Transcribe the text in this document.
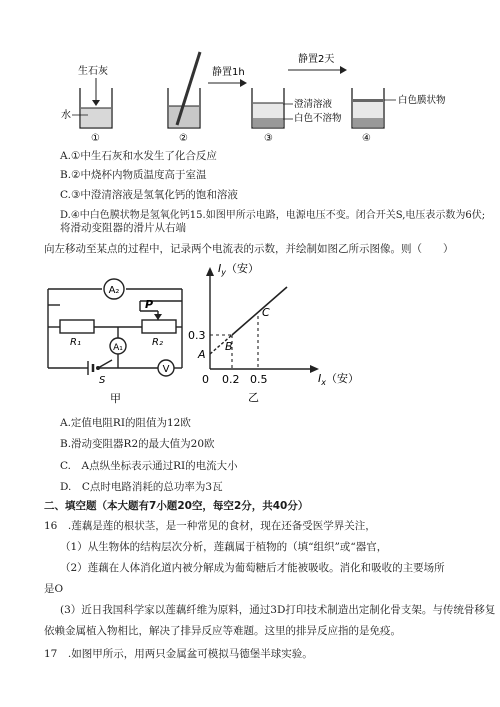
生石灰
水
①	②
静置1h
③
静置2天
澄清溶液
白色不溶物
白色膜状物
④
A.①中生石灰和水发生了化合反应
B.②中烧杯内物质温度高于室温
C.③中澄清溶液是氢氧化钙的饱和溶液
D.④中白色膜状物是氢氧化钙15.如图甲所示电路，电源电压不变。闭合开关S,电压表示数为6伏;
将滑动变阻器的滑片从右端
向左移动至某点的过程中，记录两个电流表的示数，并绘制如图乙所示图像。则（　　）
A₂
A₁
V
P
R₁	R₂
S
甲
$I_y$（安）
$I_x$（安）
0 0.2 0.5
0.3
A
B
C
乙
A.定值电阻RI的阻值为12欧
B.滑动变阻器R2的最大值为20欧
C.　A点纵坐标表示通过RI的电流大小
D.　C点时电路消耗的总功率为3瓦
二、填空题（本大题有7小题20空，每空2分，共40分）
16　.莲藕是莲的根状茎，是一种常见的食材，现在还备受医学界关注，
（1）从生物体的结构层次分析，莲藕属于植物的（填“组织”或“器官，
（2）莲藕在人体消化道内被分解成为葡萄糖后才能被吸收。消化和吸收的主要场所
是O
(3）近日我国科学家以莲藕纤维为原料，通过3D打印技术制造出定制化骨支架。与传统骨移复
依赖金属植入物相比，解决了排异反应等难题。这里的排异反应指的是免疫。
17　.如图甲所示，用两只金属盆可模拟马德堡半球实验。
